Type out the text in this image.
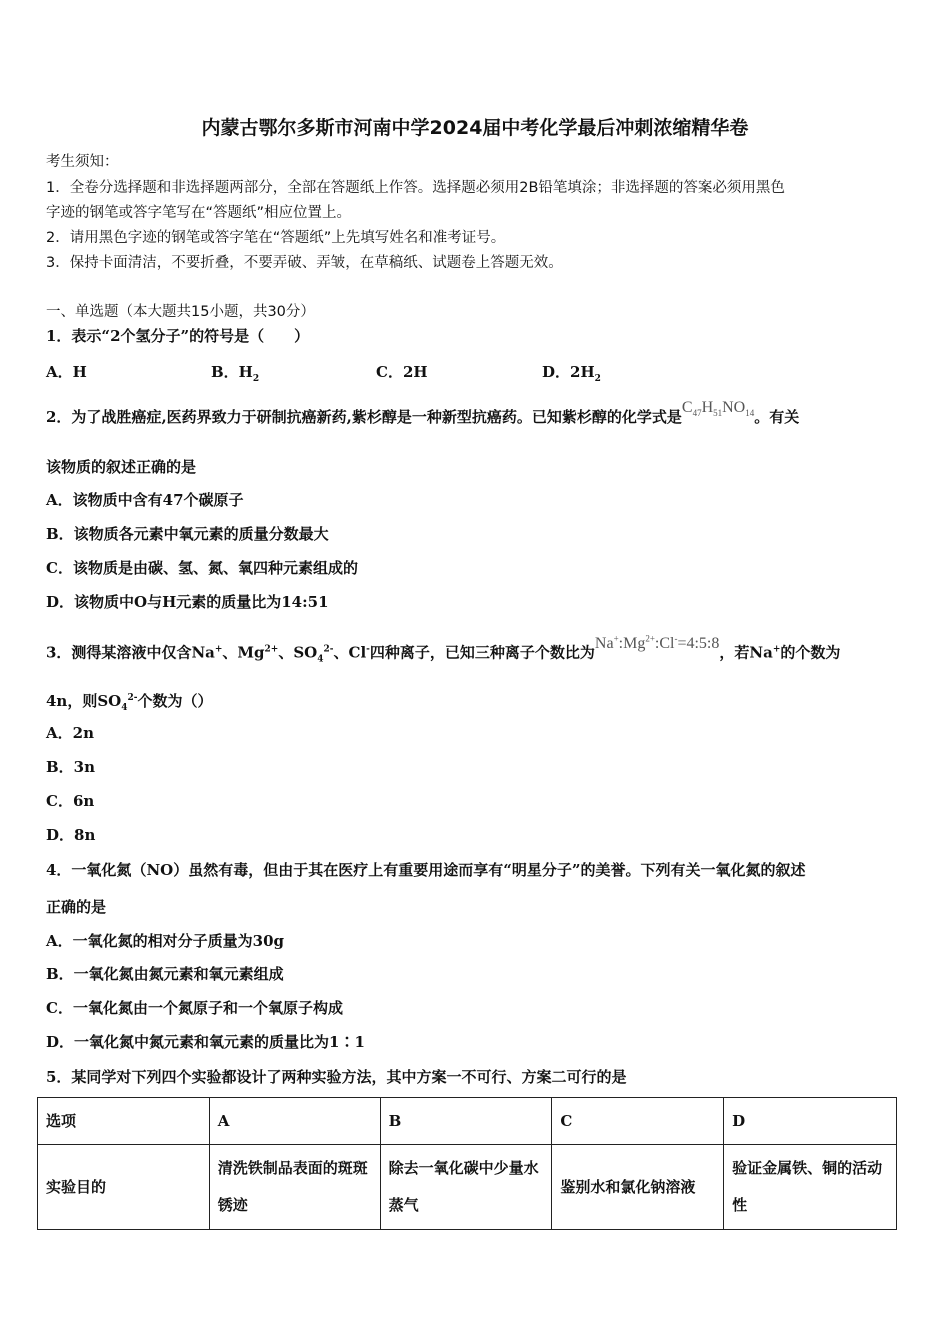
内蒙古鄂尔多斯市河南中学2024届中考化学最后冲刺浓缩精华卷
考生须知：
1．全卷分选择题和非选择题两部分，全部在答题纸上作答。选择题必须用2B铅笔填涂；非选择题的答案必须用黑色
字迹的钢笔或答字笔写在“答题纸”相应位置上。
2．请用黑色字迹的钢笔或答字笔在“答题纸”上先填写姓名和准考证号。
3．保持卡面清洁，不要折叠，不要弄破、弄皱，在草稿纸、试题卷上答题无效。
一、单选题（本大题共15小题，共30分）
1．表示“2个氢分子”的符号是（　　）
A．H	B．$H_2$	C．2H	D．$2H_2$
2．为了战胜癌症,医药界致力于研制抗癌新药,紫杉醇是一种新型抗癌药。已知紫杉醇的化学式是$C_{47}H_{51}NO_{14}$。有关
该物质的叙述正确的是
A．该物质中含有47个碳原子
B．该物质各元素中氧元素的质量分数最大
C．该物质是由碳、氢、氮、氧四种元素组成的
D．该物质中O与H元素的质量比为14:51
3．测得某溶液中仅含Na+、$Mg^{2+}$、$SO_4^{2-}$、Cl-四种离子，已知三种离子个数比为$Na^+:Mg^{2+}:Cl^-=4:5:8$，若Na+的个数为
4n，则$SO_4^{2-}$个数为（）
A．2n
B．3n
C．6n
D．8n
4．一氧化氮（NO）虽然有毒，但由于其在医疗上有重要用途而享有“明星分子”的美誉。下列有关一氧化氮的叙述
正确的是
A．一氧化氮的相对分子质量为30g
B．一氧化氮由氮元素和氧元素组成
C．一氧化氮由一个氮原子和一个氧原子构成
D．一氧化氮中氮元素和氧元素的质量比为1∶1
5．某同学对下列四个实验都设计了两种实验方法，其中方案一不可行、方案二可行的是
选项	A	B	C	D
实验目的	清洗铁制品表面的斑斑锈迹	除去一氧化碳中少量水蒸气	鉴别水和氯化钠溶液	验证金属铁、铜的活动性
